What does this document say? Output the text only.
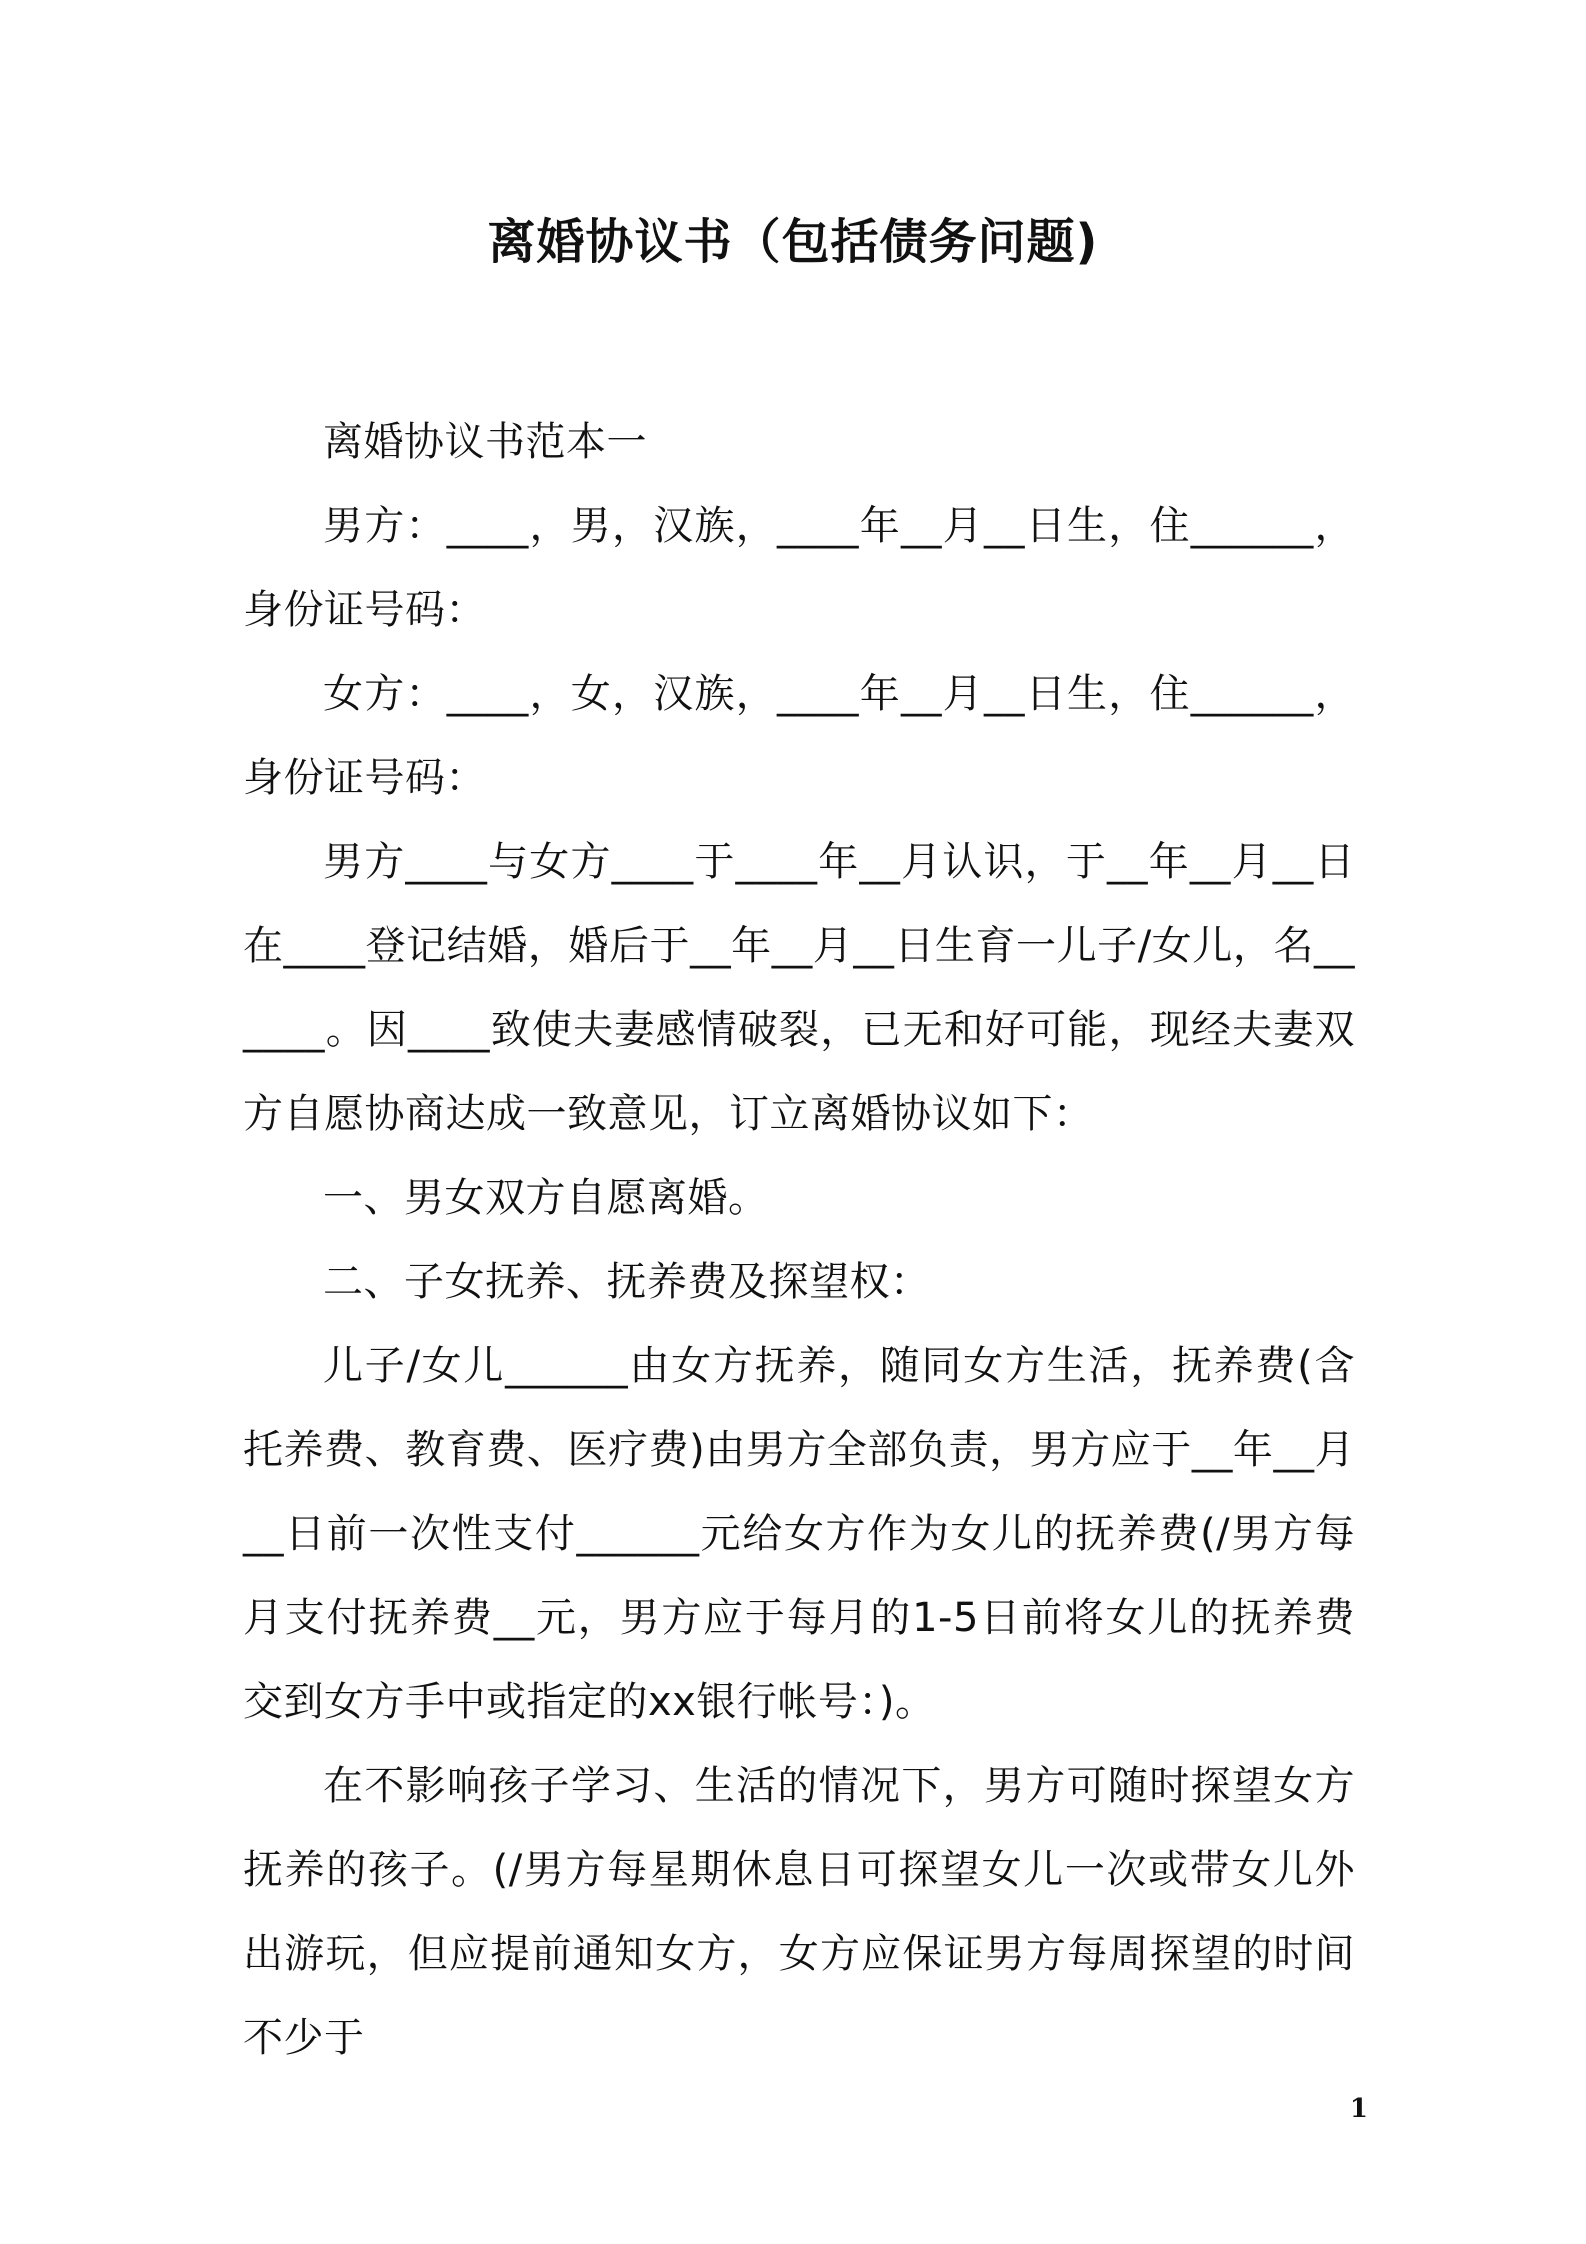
离婚协议书（包括债务问题)

离婚协议书范本一

男方：____，男，汉族，____年__月__日生，住______，身份证号码：

女方：____，女，汉族，____年__月__日生，住______，身份证号码：

男方____与女方____于____年__月认识，于__年__月__日在____登记结婚，婚后于__年__月__日生育一儿子/女儿，名______。因____致使夫妻感情破裂，已无和好可能，现经夫妻双方自愿协商达成一致意见，订立离婚协议如下：

一、男女双方自愿离婚。

二、子女抚养、抚养费及探望权：

儿子/女儿______由女方抚养，随同女方生活，抚养费(含托养费、教育费、医疗费)由男方全部负责，男方应于__年__月__日前一次性支付______元给女方作为女儿的抚养费(/男方每月支付抚养费__元，男方应于每月的1-5日前将女儿的抚养费交到女方手中或指定的xx银行帐号：)。

在不影响孩子学习、生活的情况下，男方可随时探望女方抚养的孩子。(/男方每星期休息日可探望女儿一次或带女儿外出游玩，但应提前通知女方，女方应保证男方每周探望的时间不少于

1
